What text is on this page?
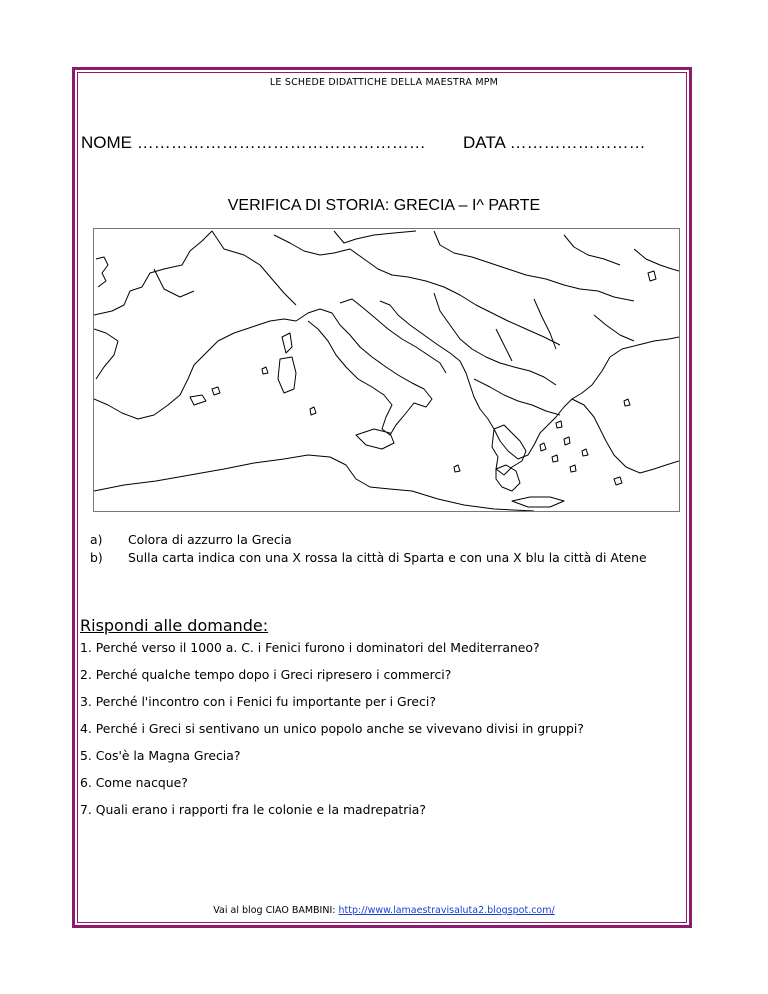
LE SCHEDE DIDATTICHE DELLA MAESTRA MPM
NOME …………………………………………… DATA ……………………
VERIFICA DI STORIA: GRECIA – I^ PARTE
a)	Colora di azzurro la Grecia
b)	Sulla carta indica con una X rossa la città di Sparta e con una X blu la città di Atene
Rispondi alle domande:
1. Perché verso il 1000 a. C. i Fenici furono i dominatori del Mediterraneo?
2. Perché qualche tempo dopo i Greci ripresero i commerci?
3. Perché l'incontro con i Fenici fu importante per i Greci?
4. Perché i Greci si sentivano un unico popolo anche se vivevano divisi in gruppi?
5. Cos'è la Magna Grecia?
6. Come nacque?
7. Quali erano i rapporti fra le colonie e la madrepatria?
Vai al blog CIAO BAMBINI: http://www.lamaestravisaluta2.blogspot.com/
